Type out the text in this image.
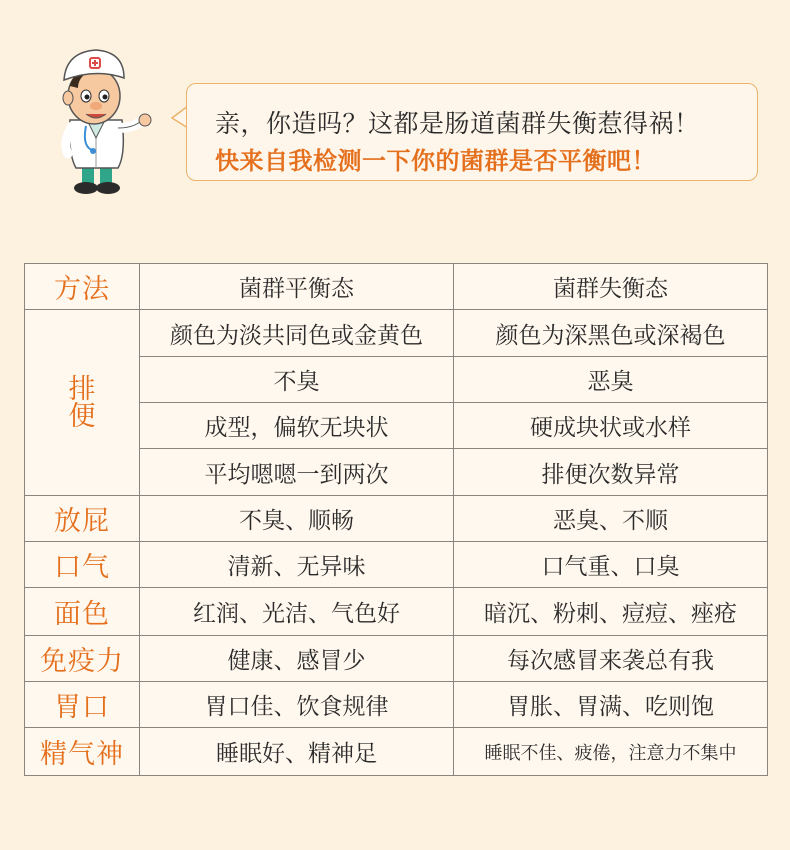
亲，你造吗？这都是肠道菌群失衡惹得祸！
快来自我检测一下你的菌群是否平衡吧！
方法	菌群平衡态	菌群失衡态

排
便	颜色为淡共同色或金黄色	颜色为深黑色或深褐色
	不臭	恶臭
	成型，偏软无块状	硬成块状或水样
	平均嗯嗯一到两次	排便次数异常
放屁	不臭、顺畅	恶臭、不顺
口气	清新、无异味	口气重、口臭
面色	红润、光洁、气色好	暗沉、粉刺、痘痘、痤疮
免疫力	健康、感冒少	每次感冒来袭总有我
胃口	胃口佳、饮食规律	胃胀、胃满、吃则饱
精气神	睡眠好、精神足	睡眠不佳、疲倦，注意力不集中
